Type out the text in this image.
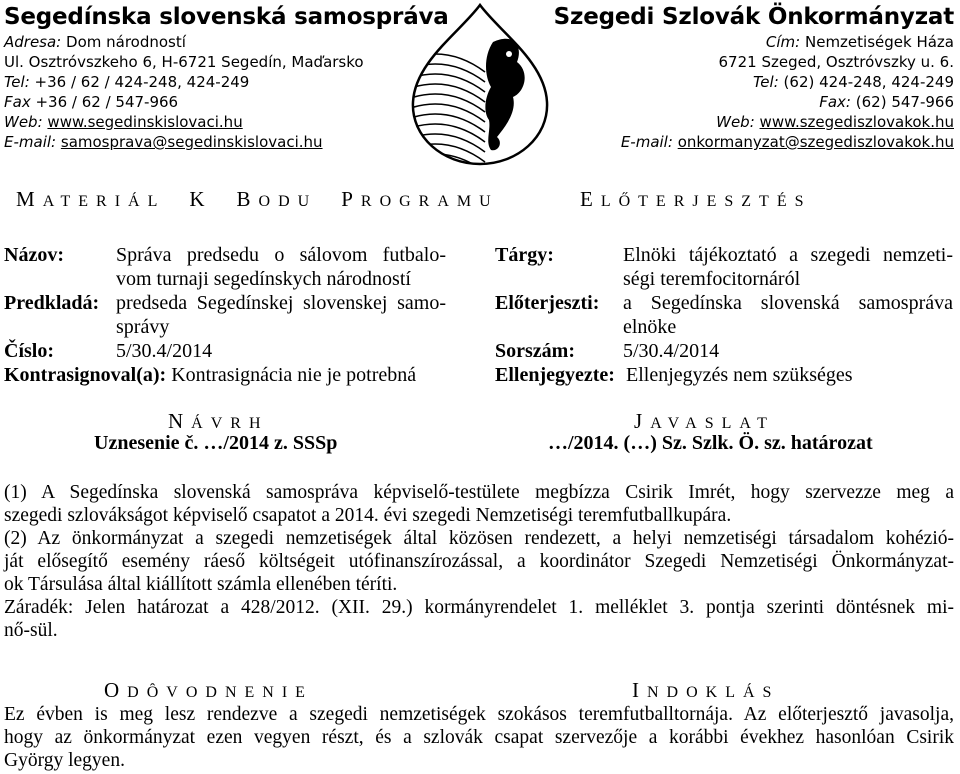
Segedínska slovenská samospráva
Adresa: Dom národností
Ul. Osztróvszkeho 6, H-6721 Segedín, Maďarsko
Tel: +36 / 62 / 424-248, 424-249
Fax +36 / 62 / 547-966
Web: www.segedinskislovaci.hu
E-mail: samosprava@segedinskislovaci.hu
Szegedi Szlovák Önkormányzat
Cím: Nemzetiségek Háza
6721 Szeged, Osztróvszky u. 6.
Tel: (62) 424-248, 424-249
Fax: (62) 547-966
Web: www.szegediszlovakok.hu
E-mail: onkormanyzat@szegediszlovakok.hu
MATERIÁL  K  BODU  PROGRAMU	ELŐTERJESZTÉS
Názov:	Správa predsedu o sálovom futbalo-
vom turnaji segedínskych národností
Predkladá: predseda Segedínskej slovenskej samo-
správy
Číslo:	5/30.4/2014
Kontrasignoval(a): Kontrasignácia nie je potrebná
Tárgy:	Elnöki tájékoztató a szegedi nemzeti-
ségi teremfocitornáról
Előterjeszti: a Segedínska slovenská samospráva
elnöke
Sorszám: 5/30.4/2014
Ellenjegyezte: Ellenjegyzés nem szükséges
NÁVRH
Uznesenie č. …/2014 z. SSSp
JAVASLAT
…/2014. (…) Sz. Szlk. Ö. sz. határozat
(1) A Segedínska slovenská samospráva képviselő-testülete megbízza Csirik Imrét, hogy szervezze meg a
szegedi szlovákságot képviselő csapatot a 2014. évi szegedi Nemzetiségi teremfutballkupára.
(2) Az önkormányzat a szegedi nemzetiségek által közösen rendezett, a helyi nemzetiségi társadalom kohézió-
ját elősegítő esemény ráeső költségeit utófinanszírozással, a koordinátor Szegedi Nemzetiségi Önkormányzat-
ok Társulása által kiállított számla ellenében téríti.
Záradék: Jelen határozat a 428/2012. (XII. 29.) kormányrendelet 1. melléklet 3. pontja szerinti döntésnek mi-
nő-sül.
ODÔVODNENIE	INDOKLÁS
Ez évben is meg lesz rendezve a szegedi nemzetiségek szokásos teremfutballtornája. Az előterjesztő javasolja,
hogy az önkormányzat ezen vegyen részt, és a szlovák csapat szervezője a korábbi évekhez hasonlóan Csirik
György legyen.
